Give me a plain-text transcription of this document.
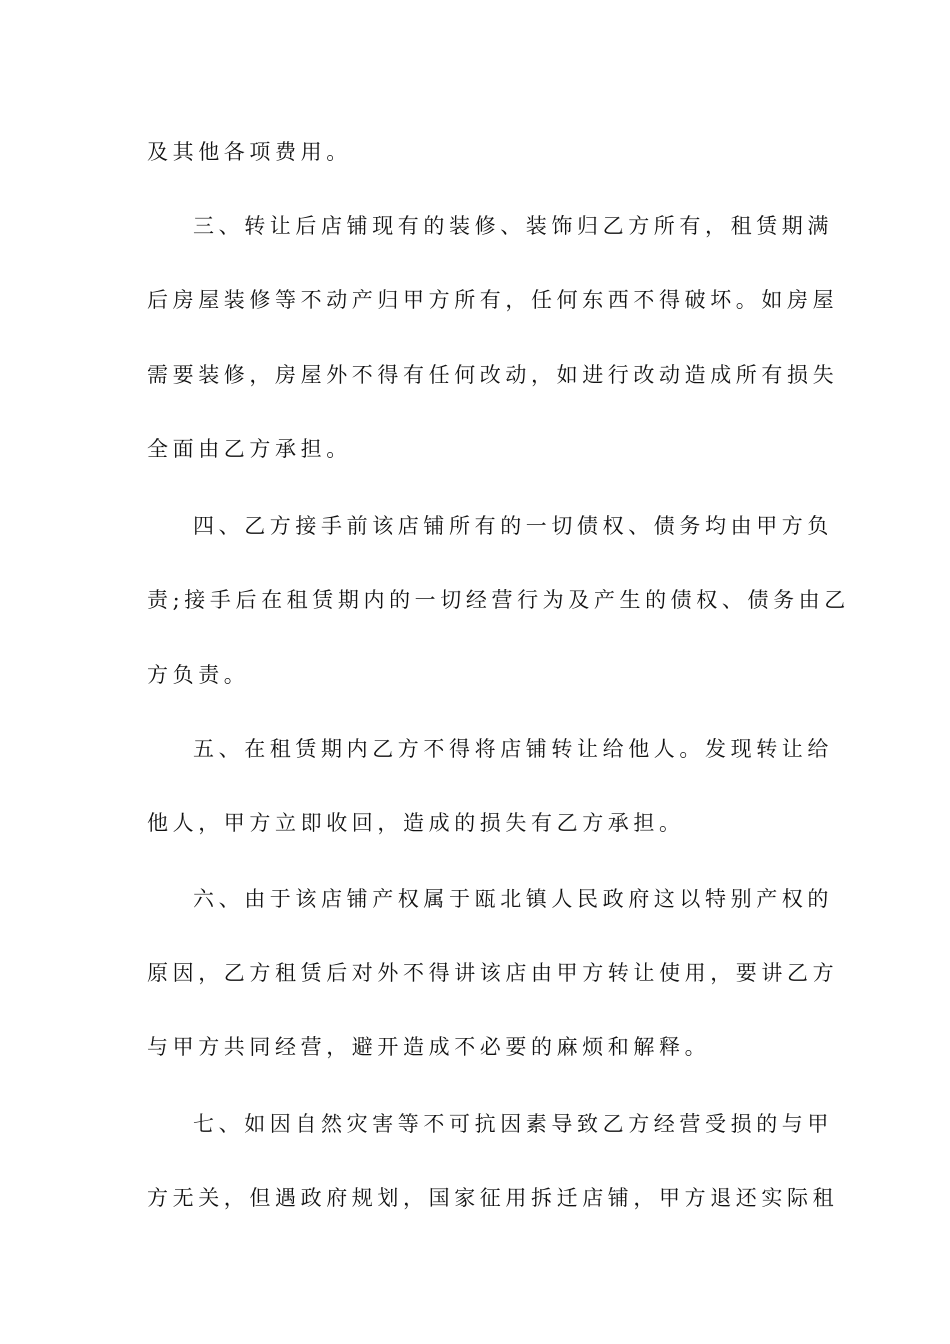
及其他各项费用。
三、转让后店铺现有的装修、装饰归乙方所有，租赁期满
后房屋装修等不动产归甲方所有，任何东西不得破坏。如房屋
需要装修，房屋外不得有任何改动，如进行改动造成所有损失
全面由乙方承担。
四、乙方接手前该店铺所有的一切债权、债务均由甲方负
责;接手后在租赁期内的一切经营行为及产生的债权、债务由乙
方负责。
五、在租赁期内乙方不得将店铺转让给他人。发现转让给
他人，甲方立即收回，造成的损失有乙方承担。
六、由于该店铺产权属于瓯北镇人民政府这以特别产权的
原因，乙方租赁后对外不得讲该店由甲方转让使用，要讲乙方
与甲方共同经营，避开造成不必要的麻烦和解释。
七、如因自然灾害等不可抗因素导致乙方经营受损的与甲
方无关，但遇政府规划，国家征用拆迁店铺，甲方退还实际租
